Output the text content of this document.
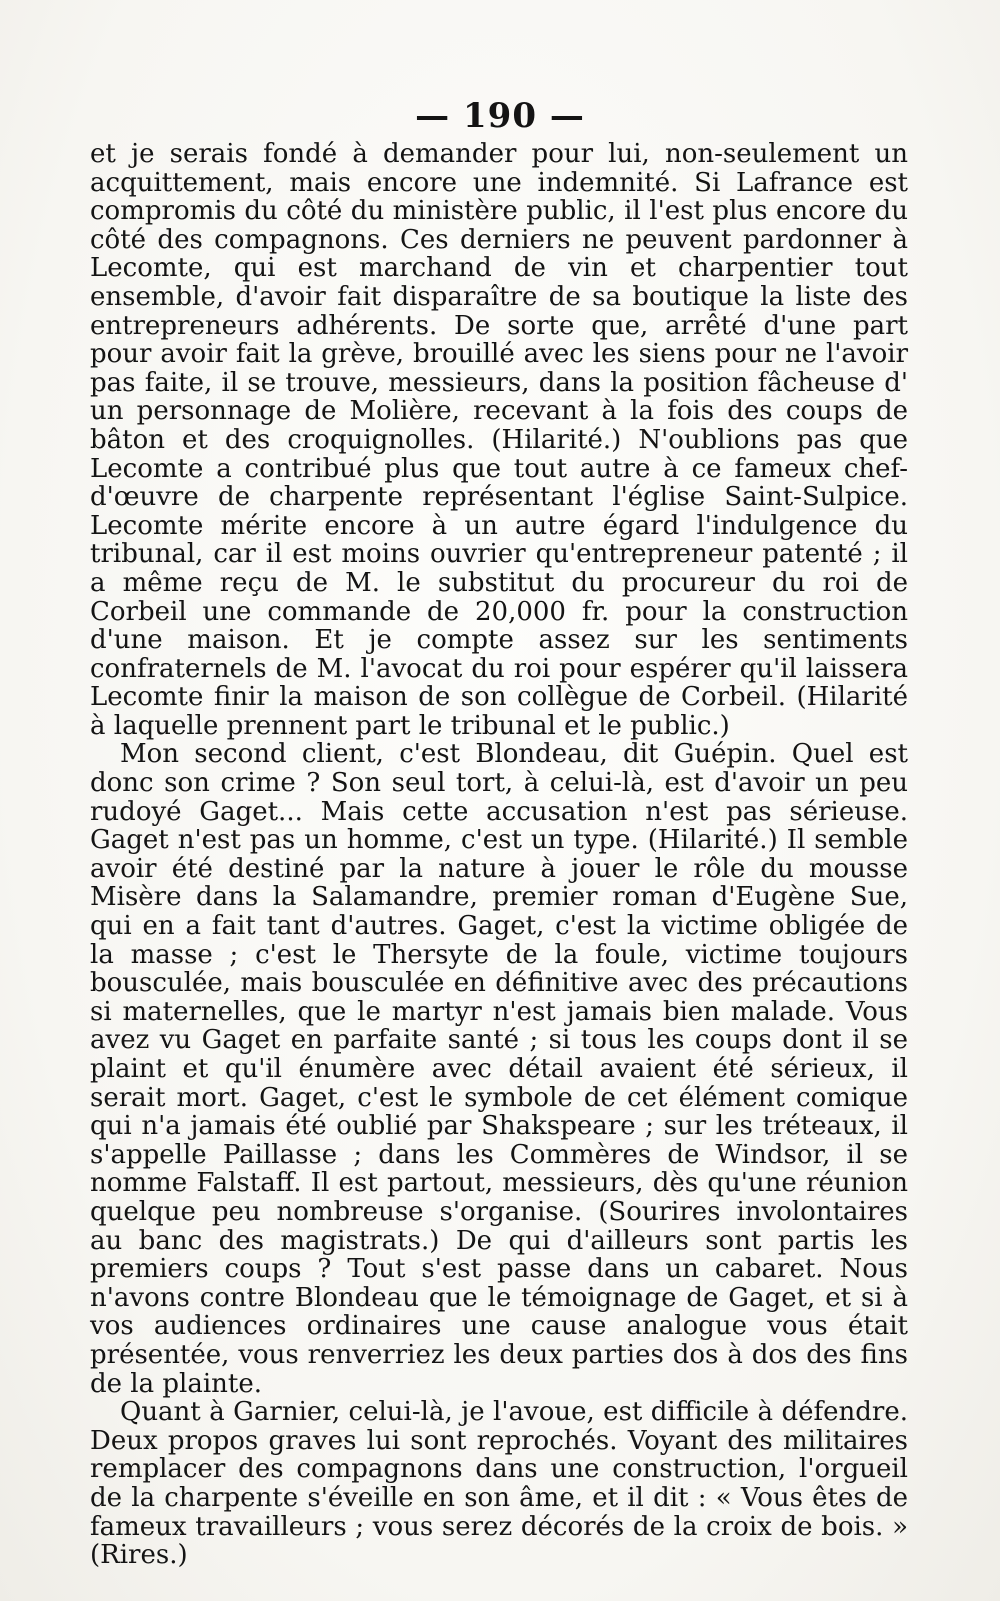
— 190 —

et je serais fondé à demander pour lui, non-seulement un acquittement, mais encore une indemnité. Si Lafrance est compromis du côté du ministère public, il l'est plus encore du côté des compagnons. Ces derniers ne peuvent pardonner à Lecomte, qui est marchand de vin et charpentier tout ensemble, d'avoir fait disparaître de sa boutique la liste des entrepreneurs adhérents. De sorte que, arrêté d'une part pour avoir fait la grève, brouillé avec les siens pour ne l'avoir pas faite, il se trouve, messieurs, dans la position fâcheuse d' un personnage de Molière, recevant à la fois des coups de bâton et des croquignolles. (Hilarité.) N'oublions pas que Lecomte a contribué plus que tout autre à ce fameux chef-d'œuvre de charpente représentant l'église Saint-Sulpice. Lecomte mérite encore à un autre égard l'indulgence du tribunal, car il est moins ouvrier qu'entrepreneur patenté ; il a même reçu de M. le substitut du procureur du roi de Corbeil une commande de 20,000 fr. pour la construction d'une maison. Et je compte assez sur les sentiments confraternels de M. l'avocat du roi pour espérer qu'il laissera Lecomte finir la maison de son collègue de Corbeil. (Hilarité à laquelle prennent part le tribunal et le public.)

Mon second client, c'est Blondeau, dit Guépin. Quel est donc son crime ? Son seul tort, à celui-là, est d'avoir un peu rudoyé Gaget... Mais cette accusation n'est pas sérieuse. Gaget n'est pas un homme, c'est un type. (Hilarité.) Il semble avoir été destiné par la nature à jouer le rôle du mousse Misère dans la Salamandre, premier roman d'Eugène Sue, qui en a fait tant d'autres. Gaget, c'est la victime obligée de la masse ; c'est le Thersyte de la foule, victime toujours bousculée, mais bousculée en définitive avec des précautions si maternelles, que le martyr n'est jamais bien malade. Vous avez vu Gaget en parfaite santé ; si tous les coups dont il se plaint et qu'il énumère avec détail avaient été sérieux, il serait mort. Gaget, c'est le symbole de cet élément comique qui n'a jamais été oublié par Shakspeare ; sur les tréteaux, il s'appelle Paillasse ; dans les Commères de Windsor, il se nomme Falstaff. Il est partout, messieurs, dès qu'une réunion quelque peu nombreuse s'organise. (Sourires involontaires au banc des magistrats.) De qui d'ailleurs sont partis les premiers coups ? Tout s'est passe dans un cabaret. Nous n'avons contre Blondeau que le témoignage de Gaget, et si à vos audiences ordinaires une cause analogue vous était présentée, vous renverriez les deux parties dos à dos des fins de la plainte.

Quant à Garnier, celui-là, je l'avoue, est difficile à défendre. Deux propos graves lui sont reprochés. Voyant des militaires remplacer des compagnons dans une construction, l'orgueil de la charpente s'éveille en son âme, et il dit : « Vous êtes de fameux travailleurs ; vous serez décorés de la croix de bois. » (Rires.)
